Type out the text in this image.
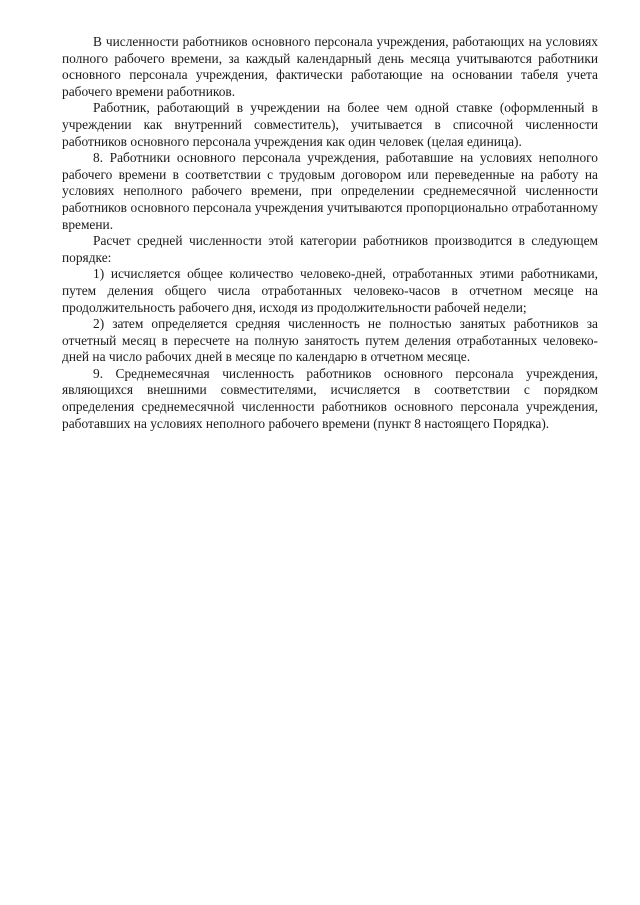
В численности работников основного персонала учреждения, работающих на условиях полного рабочего времени, за каждый календарный день месяца учитываются работники основного персонала учреждения, фактически работающие на основании табеля учета рабочего времени работников.

Работник, работающий в учреждении на более чем одной ставке (оформленный в учреждении как внутренний совместитель), учитывается в списочной численности работников основного персонала учреждения как один человек (целая единица).

8. Работники основного персонала учреждения, работавшие на условиях неполного рабочего времени в соответствии с трудовым договором или переведенные на работу на условиях неполного рабочего времени, при определении среднемесячной численности работников основного персонала учреждения учитываются пропорционально отработанному времени.

Расчет средней численности этой категории работников производится в следующем порядке:

1) исчисляется общее количество человеко-дней, отработанных этими работниками, путем деления общего числа отработанных человеко-часов в отчетном месяце на продолжительность рабочего дня, исходя из продолжительности рабочей недели;

2) затем определяется средняя численность не полностью занятых работников за отчетный месяц в пересчете на полную занятость путем деления отработанных человеко-дней на число рабочих дней в месяце по календарю в отчетном месяце.

9. Среднемесячная численность работников основного персонала учреждения, являющихся внешними совместителями, исчисляется в соответствии с порядком определения среднемесячной численности работников основного персонала учреждения, работавших на условиях неполного рабочего времени (пункт 8 настоящего Порядка).
